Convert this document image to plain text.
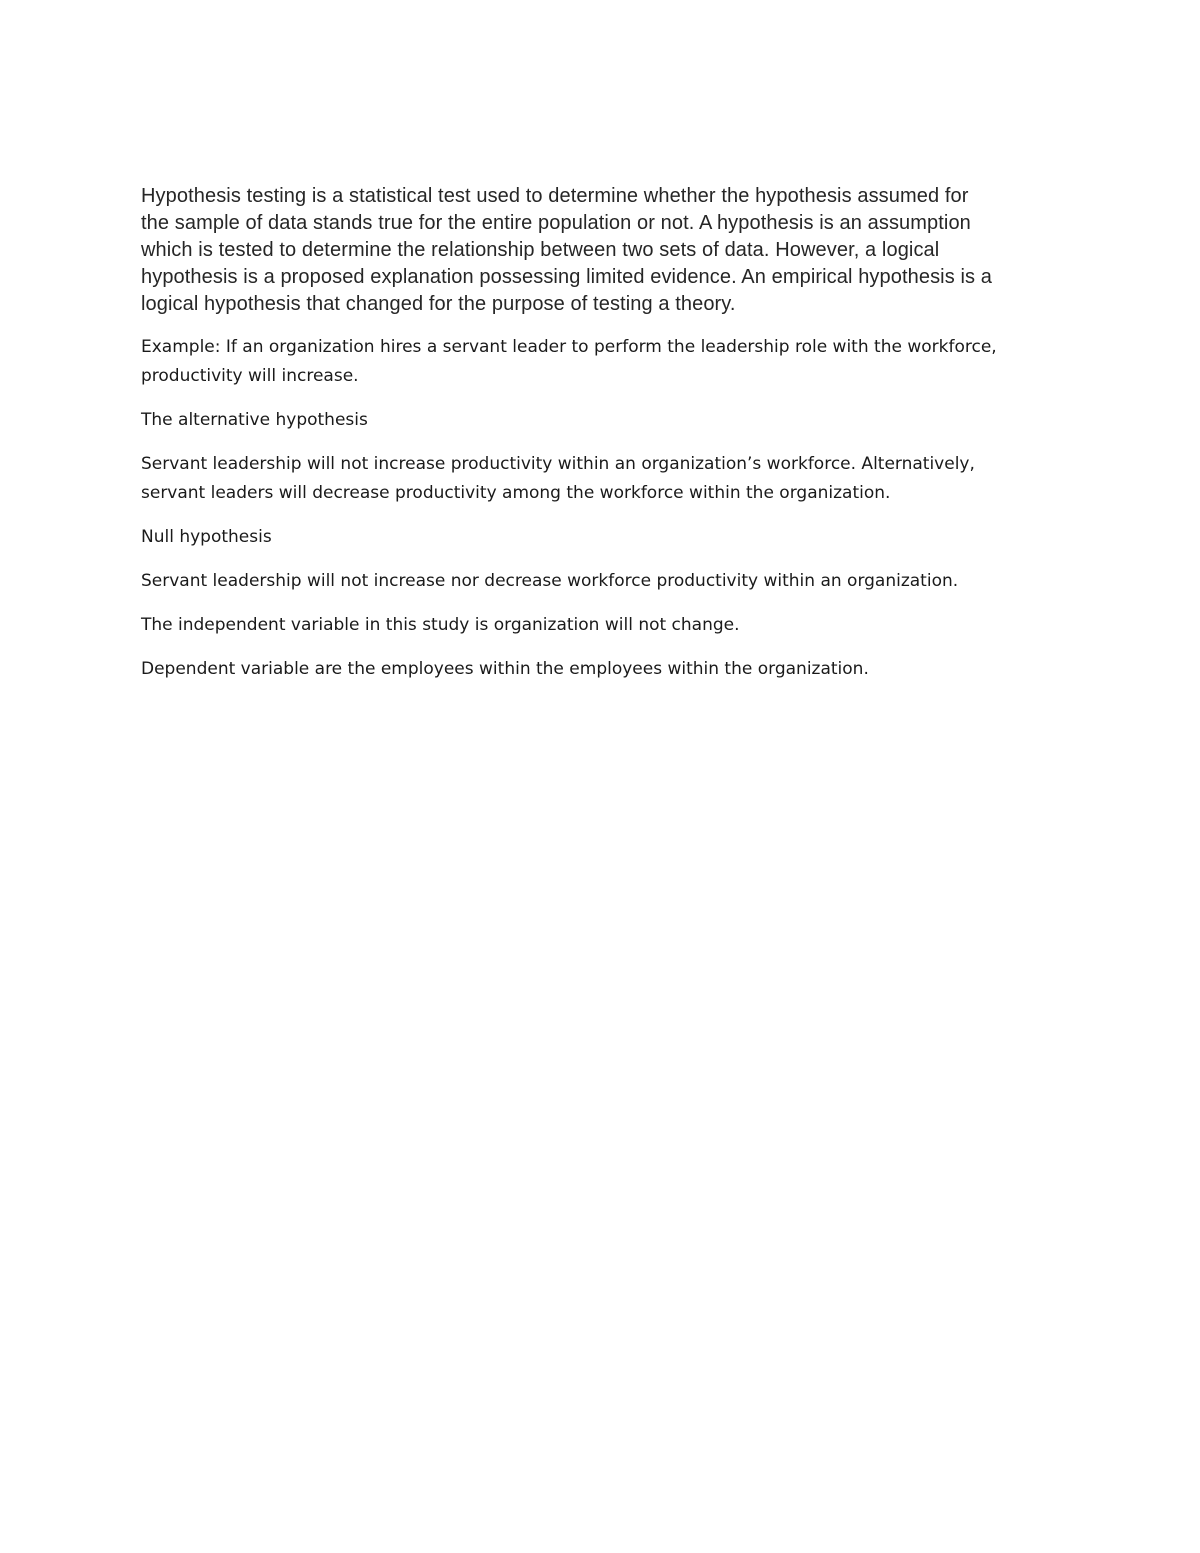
Hypothesis testing is a statistical test used to determine whether the hypothesis assumed for
the sample of data stands true for the entire population or not. A hypothesis is an assumption
which is tested to determine the relationship between two sets of data. However, a logical
hypothesis is a proposed explanation possessing limited evidence. An empirical hypothesis is a
logical hypothesis that changed for the purpose of testing a theory.

Example: If an organization hires a servant leader to perform the leadership role with the workforce,
productivity will increase.

The alternative hypothesis

Servant leadership will not increase productivity within an organization’s workforce. Alternatively,
servant leaders will decrease productivity among the workforce within the organization.

Null hypothesis

Servant leadership will not increase nor decrease workforce productivity within an organization.

The independent variable in this study is organization will not change.

Dependent variable are the employees within the employees within the organization.
